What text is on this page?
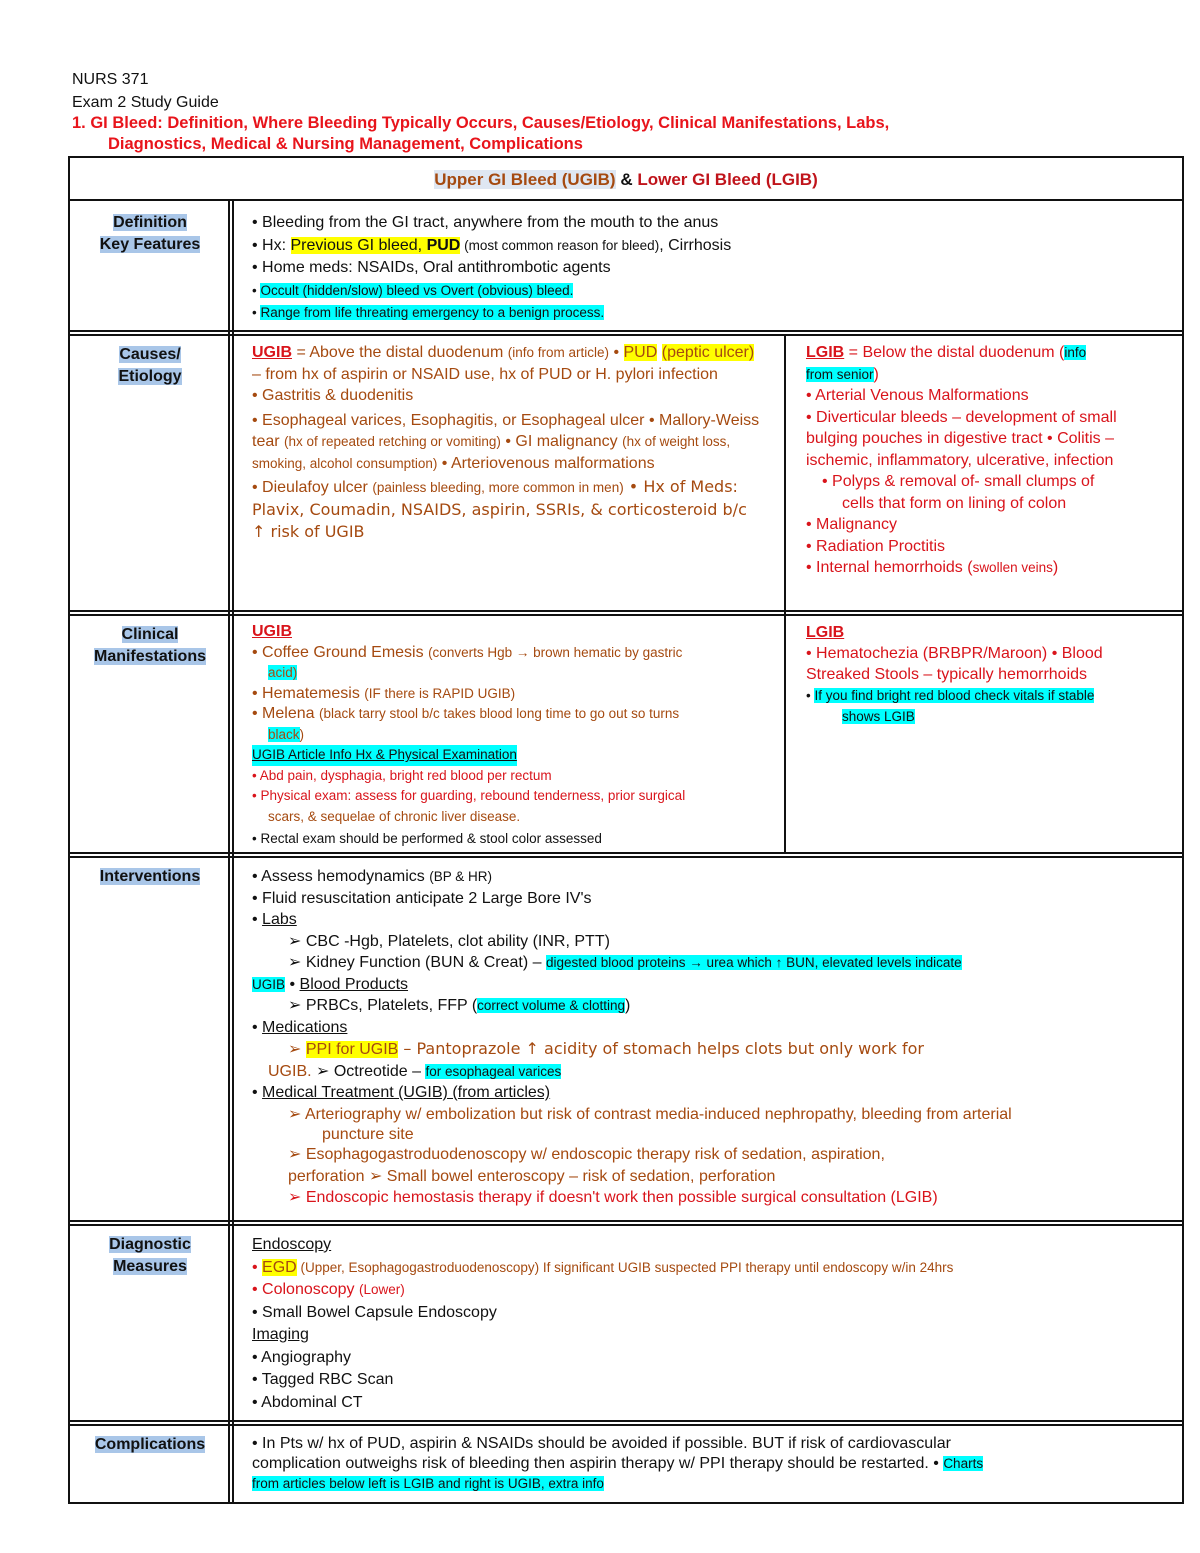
NURS 371
Exam 2 Study Guide
1. GI Bleed: Definition, Where Bleeding Typically Occurs, Causes/Etiology, Clinical Manifestations, Labs,
Diagnostics, Medical & Nursing Management, Complications
Upper GI Bleed (UGIB) & Lower GI Bleed (LGIB)
Definition
Key Features
• Bleeding from the GI tract, anywhere from the mouth to the anus
• Hx: Previous GI bleed, PUD (most common reason for bleed), Cirrhosis
• Home meds: NSAIDs, Oral antithrombotic agents
• Occult (hidden/slow) bleed vs Overt (obvious) bleed.
• Range from life threating emergency to a benign process.
Causes/
Etiology
UGIB = Above the distal duodenum (info from article) • PUD (peptic ulcer) – from hx of aspirin or NSAID use, hx of PUD or H. pylori infection
• Gastritis & duodenitis
• Esophageal varices, Esophagitis, or Esophageal ulcer • Mallory-Weiss tear (hx of repeated retching or vomiting) • GI malignancy (hx of weight loss, smoking, alcohol consumption) • Arteriovenous malformations
• Dieulafoy ulcer (painless bleeding, more common in men) • Hx of Meds: Plavix, Coumadin, NSAIDS, aspirin, SSRIs, & corticosteroid b/c ↑ risk of UGIB
LGIB = Below the distal duodenum (info
from senior)
• Arterial Venous Malformations
• Diverticular bleeds – development of small bulging pouches in digestive tract • Colitis – ischemic, inflammatory, ulcerative, infection
• Polyps & removal of- small clumps of
cells that form on lining of colon
• Malignancy
• Radiation Proctitis
• Internal hemorrhoids (swollen veins)
Clinical
Manifestations
UGIB
• Coffee Ground Emesis (converts Hgb → brown hematic by gastric
acid)
• Hematemesis (IF there is RAPID UGIB)
• Melena (black tarry stool b/c takes blood long time to go out so turns
black)
UGIB Article Info Hx & Physical Examination
• Abd pain, dysphagia, bright red blood per rectum
• Physical exam: assess for guarding, rebound tenderness, prior surgical
scars, & sequelae of chronic liver disease.
• Rectal exam should be performed & stool color assessed
LGIB
• Hematochezia (BRBPR/Maroon) • Blood Streaked Stools – typically hemorrhoids
• If you find bright red blood check vitals if stable
shows LGIB
Interventions	• Assess hemodynamics (BP & HR)
• Fluid resuscitation anticipate 2 Large Bore IV's
• Labs
➢ CBC -Hgb, Platelets, clot ability (INR, PTT)
➢ Kidney Function (BUN & Creat) – digested blood proteins → urea which ↑ BUN, elevated levels indicate
UGIB • Blood Products
➢ PRBCs, Platelets, FFP (correct volume & clotting)
• Medications
➢ PPI for UGIB – Pantoprazole ↑ acidity of stomach helps clots but only work for
UGIB. ➢ Octreotide – for esophageal varices
• Medical Treatment (UGIB) (from articles)
➢ Arteriography w/ embolization but risk of contrast media-induced nephropathy, bleeding from arterial
puncture site
➢ Esophagogastroduodenoscopy w/ endoscopic therapy risk of sedation, aspiration,
perforation ➢ Small bowel enteroscopy – risk of sedation, perforation
➢ Endoscopic hemostasis therapy if doesn't work then possible surgical consultation (LGIB)
Diagnostic
Measures
Endoscopy
• EGD (Upper, Esophagogastroduodenoscopy) If significant UGIB suspected PPI therapy until endoscopy w/in 24hrs
• Colonoscopy (Lower)
• Small Bowel Capsule Endoscopy
Imaging
• Angiography
• Tagged RBC Scan
• Abdominal CT
Complications	• In Pts w/ hx of PUD, aspirin & NSAIDs should be avoided if possible. BUT if risk of cardiovascular
complication outweighs risk of bleeding then aspirin therapy w/ PPI therapy should be restarted. • Charts
from articles below left is LGIB and right is UGIB, extra info
